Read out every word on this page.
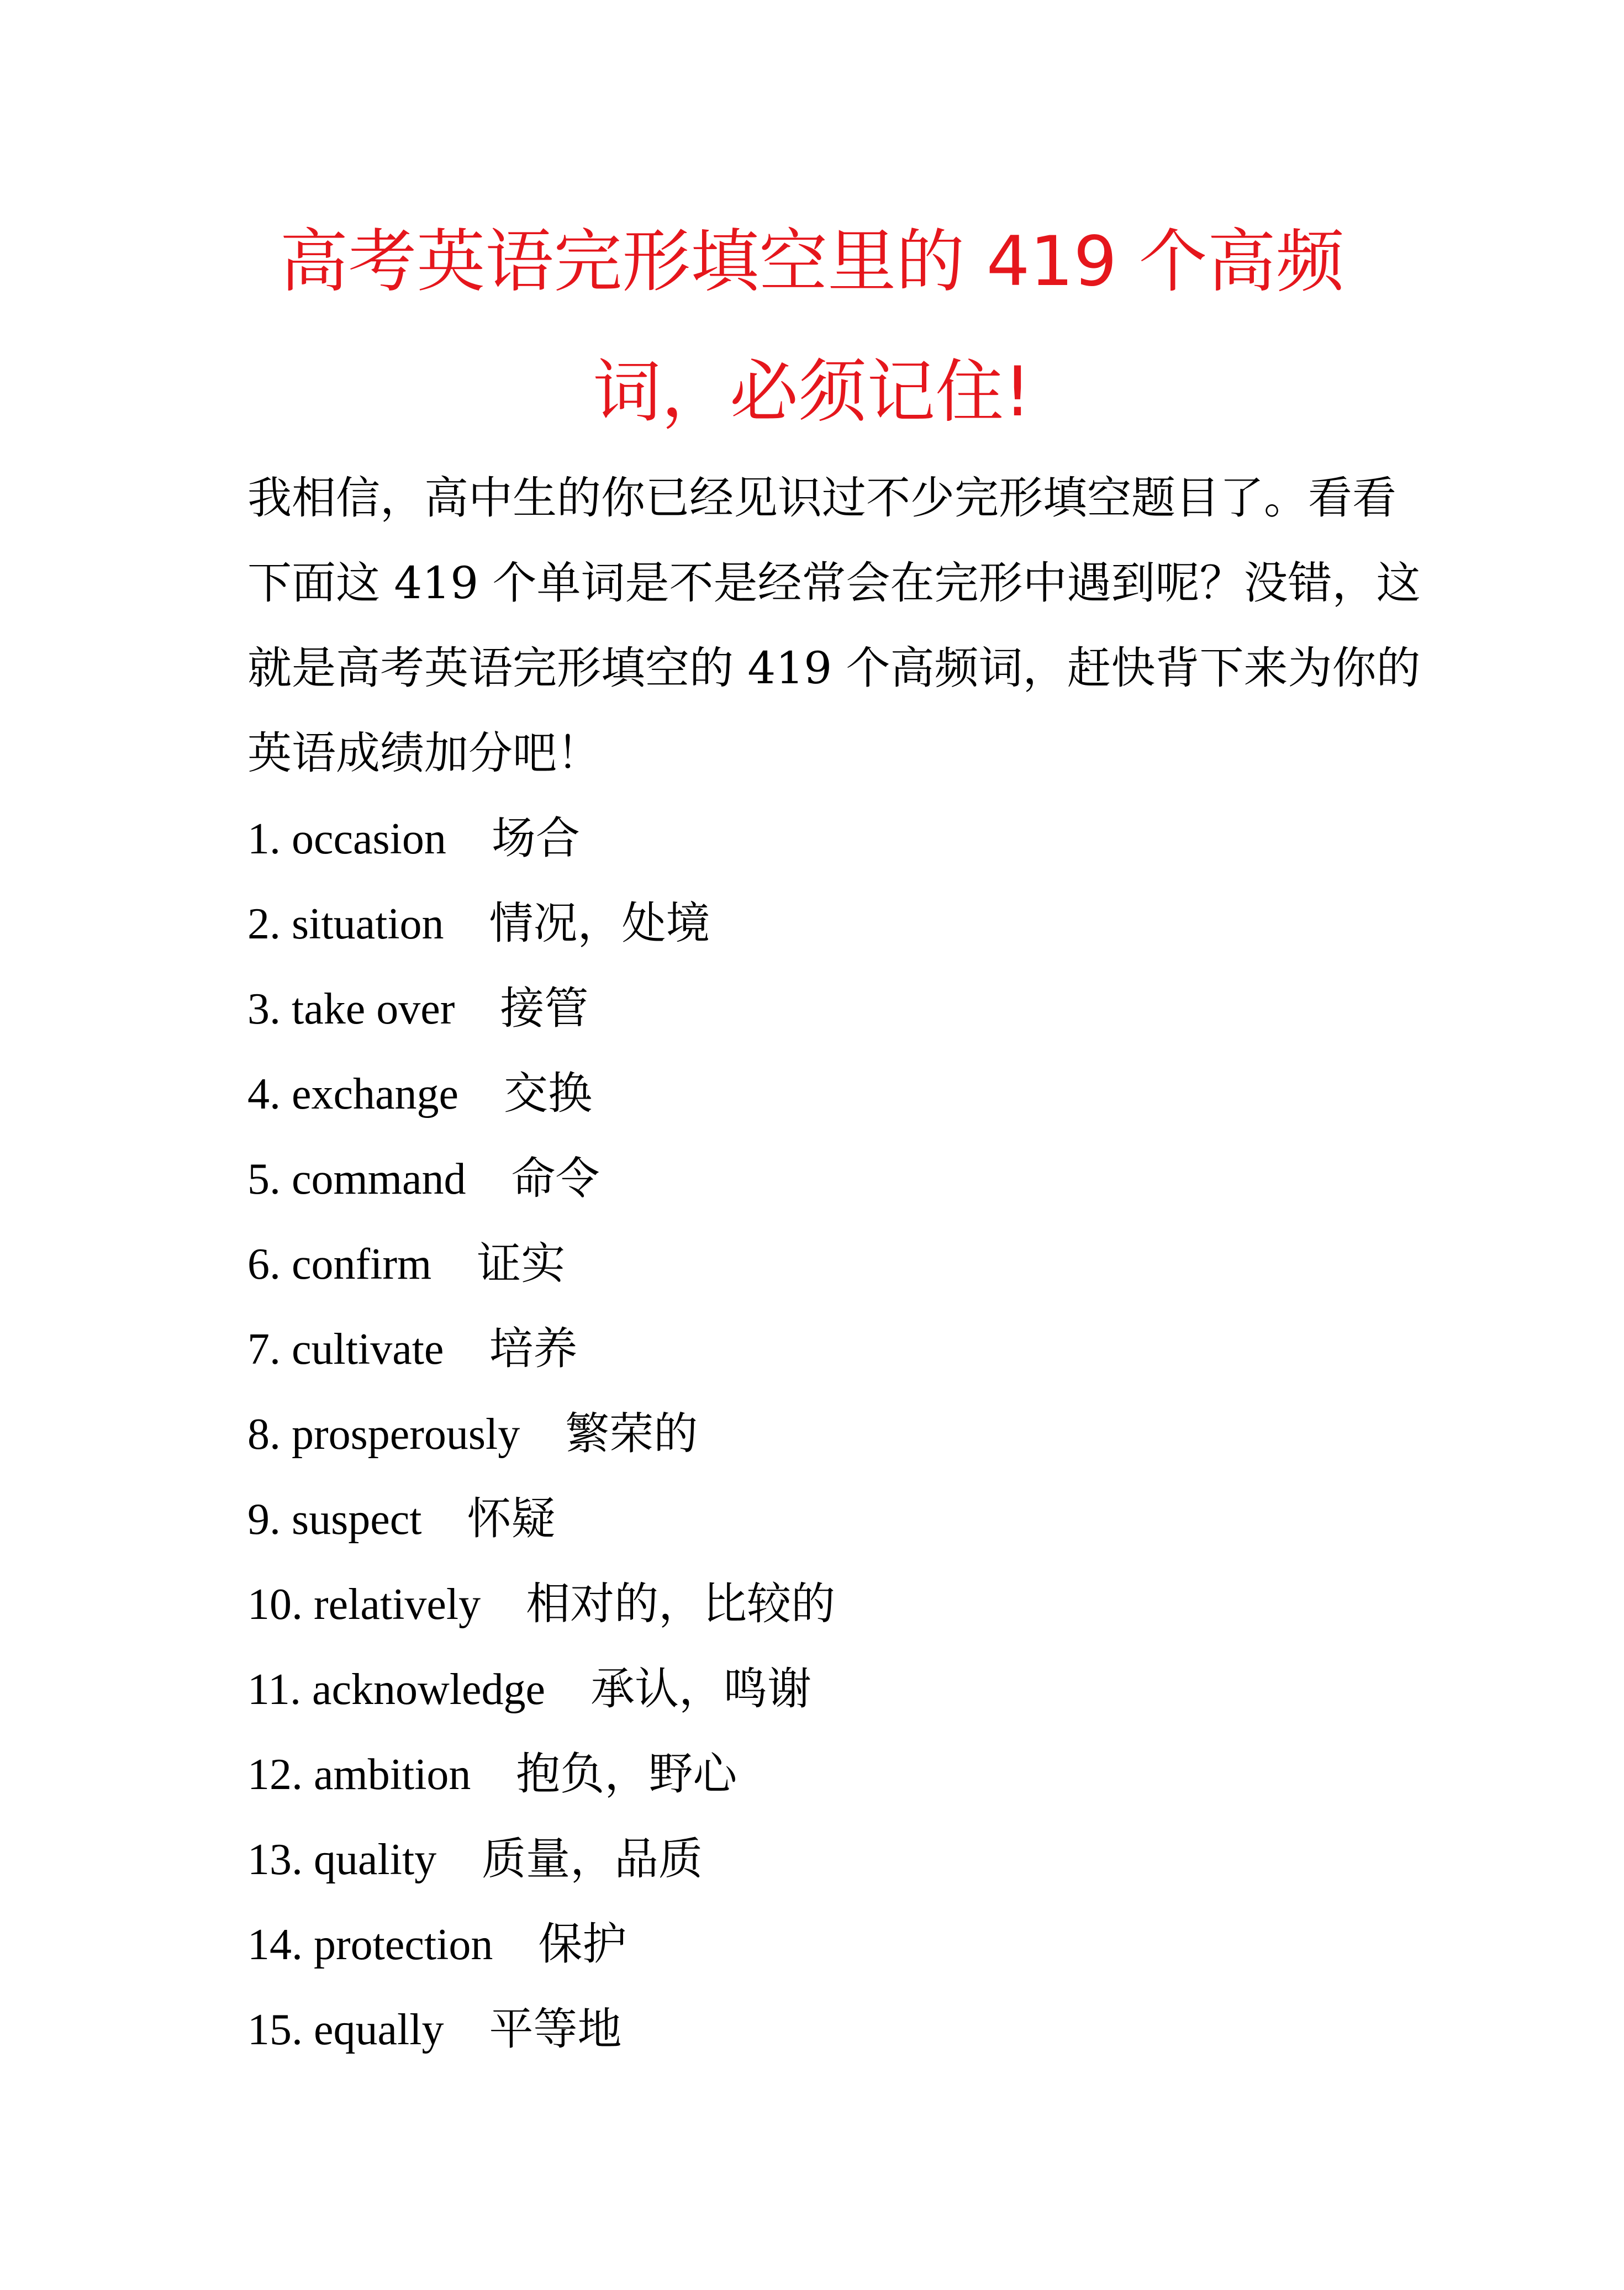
高考英语完形填空里的 419 个高频
词，必须记住!
我相信，高中生的你已经见识过不少完形填空题目了。看看
下面这 419 个单词是不是经常会在完形中遇到呢？没错，这
就是高考英语完形填空的 419 个高频词，赶快背下来为你的
英语成绩加分吧！
1. occasion 场合
2. situation 情况，处境
3. take over 接管
4. exchange 交换
5. command 命令
6. confirm 证实
7. cultivate 培养
8. prosperously 繁荣的
9. suspect 怀疑
10. relatively 相对的，比较的
11. acknowledge 承认，鸣谢
12. ambition 抱负，野心
13. quality 质量，品质
14. protection 保护
15. equally 平等地
